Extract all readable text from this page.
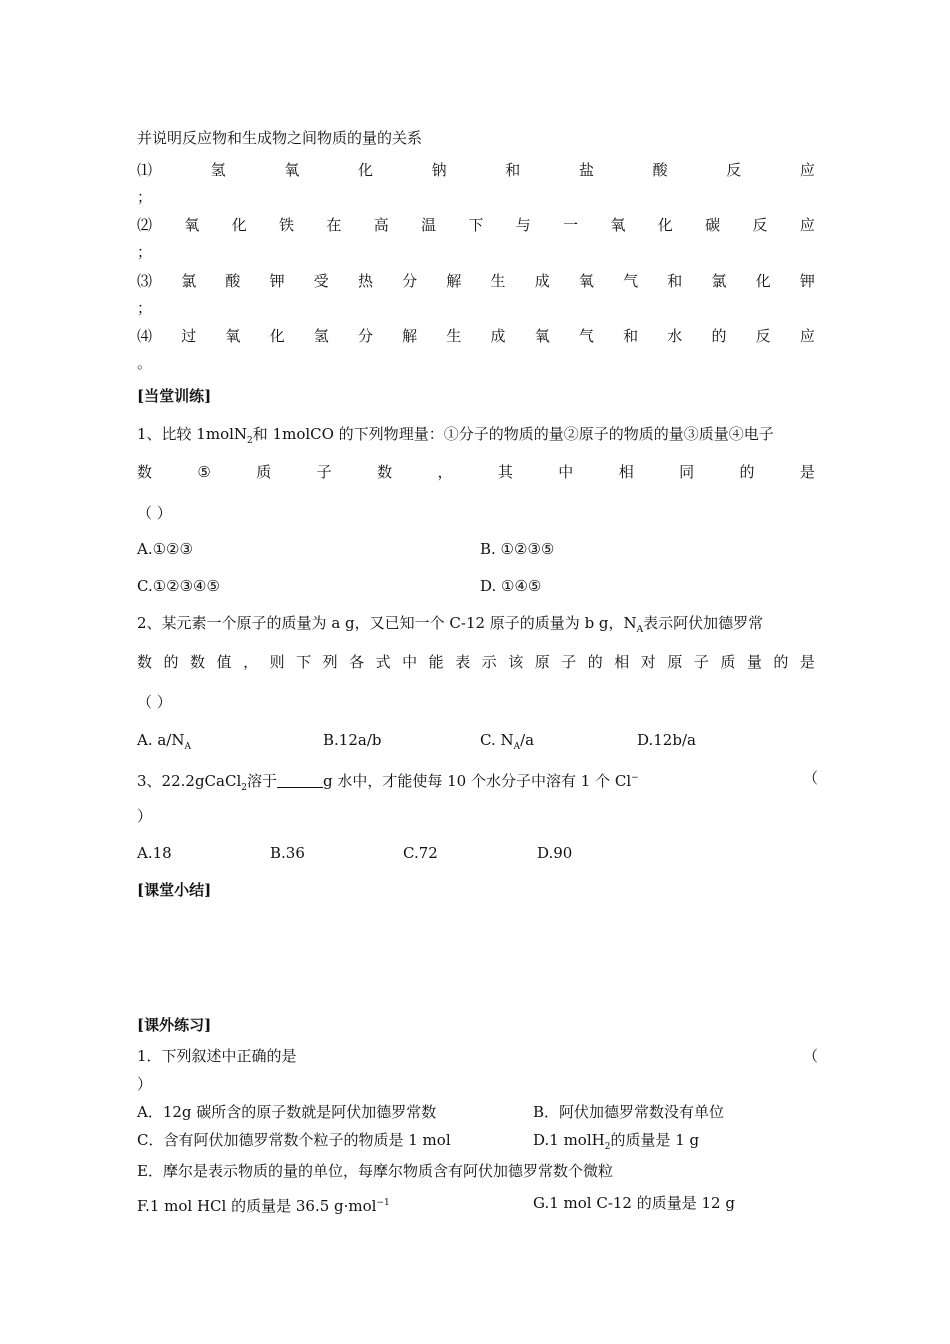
并说明反应物和生成物之间物质的量的关系
⑴	氢	氧	化	钠	和	盐	酸	反	应
；
⑵ 氧 化 铁 在 高 温 下 与 一 氧 化 碳 反 应
；
⑶ 氯 酸 钾 受 热 分 解 生 成 氧 气 和 氯 化 钾
；
⑷ 过 氧 化 氢 分 解 生 成 氧 气 和 水 的 反 应
。
[当堂训练]
1、比较 1molN$_2$和 1molCO 的下列物理量：①分子的物质的量②原子的物质的量③质量④电子
数	⑤	质	子	数	，	其	中	相	同	的	是
（ ）
A.①②③	B. ①②③⑤
C.①②③④⑤	D. ①④⑤
2、某元素一个原子的质量为 a g，又已知一个 C-12 原子的质量为 b g，$N_A$表示阿伏加德罗常
数 的 数 值 ， 则 下 列 各 式 中 能 表 示 该 原 子 的 相 对 原 子 质 量 的 是
（ ）
A. $a/N_A$	B.12a/b	C. $N_A/a$	D.12b/a
3、22.2gCaCl$_2$溶于	g 水中，才能使每 10 个水分子中溶有 1 个 Cl−	（
）
A.18	B.36	C.72	D.90
[课堂小结]
[课外练习]
1．下列叙述中正确的是	（
）
A．12g 碳所含的原子数就是阿伏加德罗常数	B．阿伏加德罗常数没有单位
C．含有阿伏加德罗常数个粒子的物质是 1 mol	D.1 molH$_2$的质量是 1 g
E．摩尔是表示物质的量的单位，每摩尔物质含有阿伏加德罗常数个微粒
F.1 mol HCl 的质量是 36.5 g·mol$^{-1}$	G.1 mol C-12 的质量是 12 g
